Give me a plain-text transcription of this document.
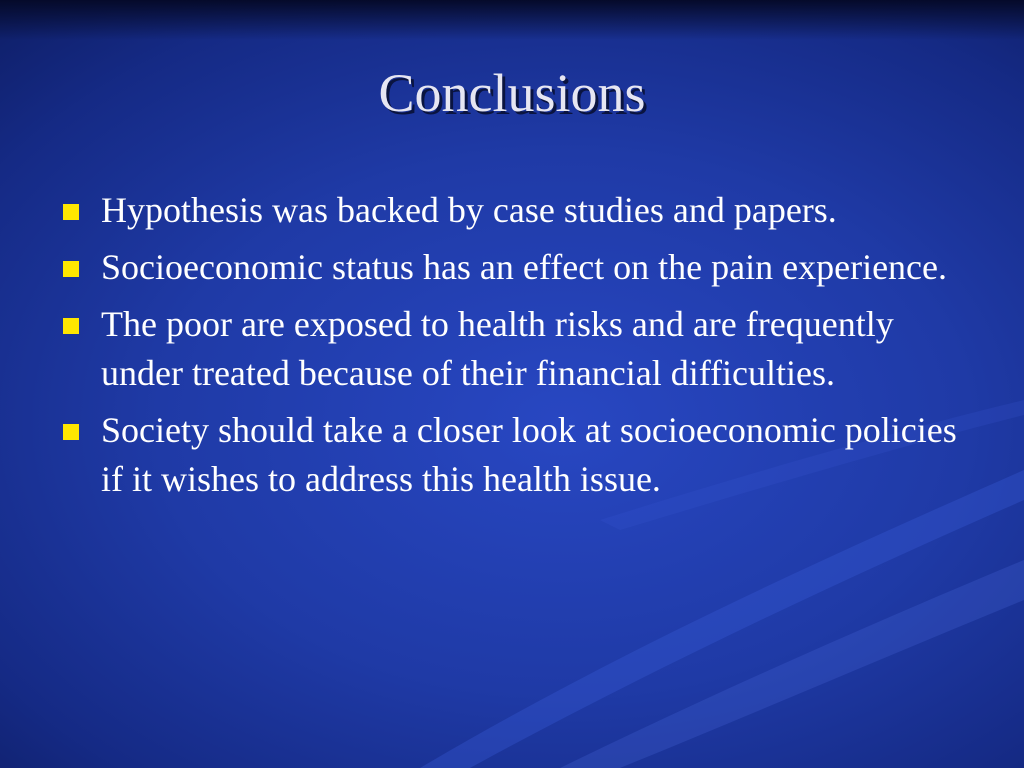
Conclusions
Hypothesis was backed by case studies and papers.
Socioeconomic status has an effect on the pain experience.
The poor are exposed to health risks and are frequently under treated because of their financial difficulties.
Society should take a closer look at socioeconomic policies if it wishes to address this health issue.
